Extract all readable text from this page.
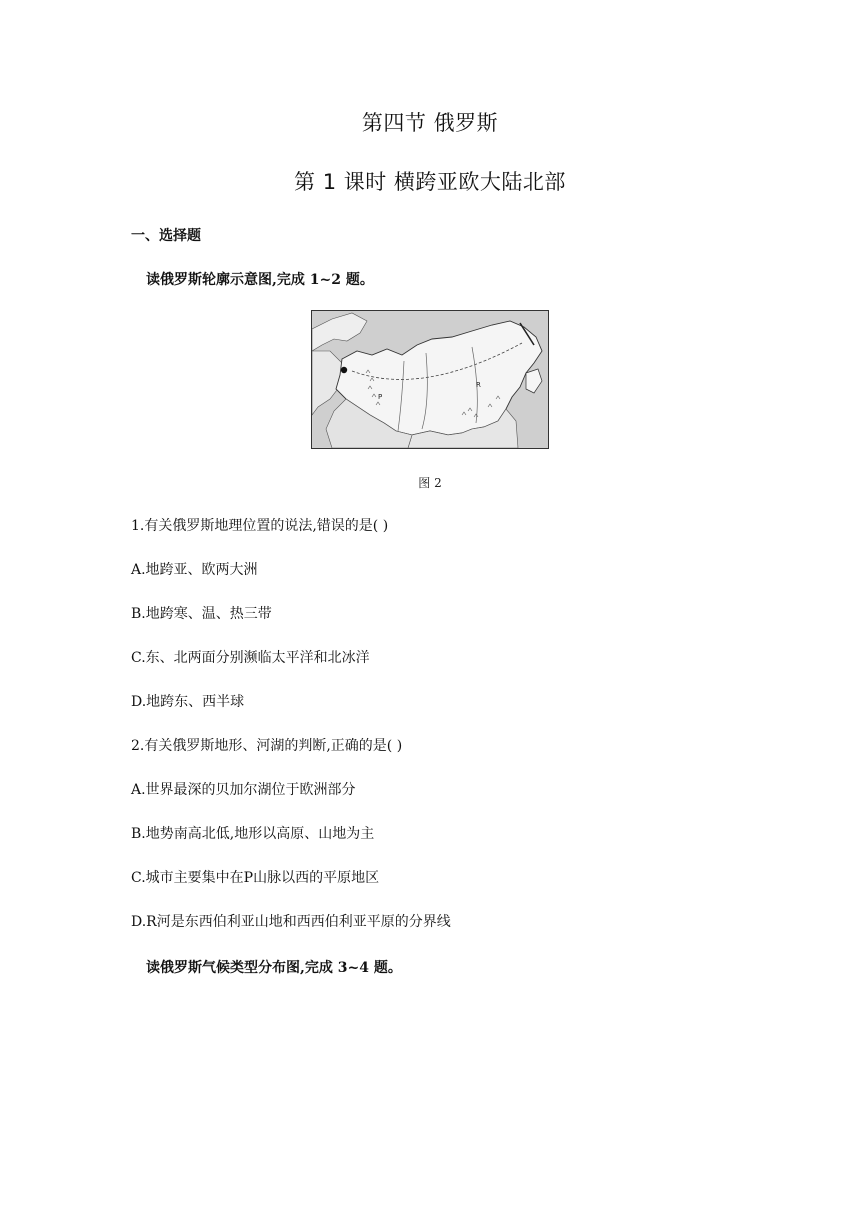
第四节 俄罗斯
第 1 课时 横跨亚欧大陆北部
一、选择题
读俄罗斯轮廓示意图,完成 1~2 题。
P
R
图 2
1.有关俄罗斯地理位置的说法,错误的是( )
A.地跨亚、欧两大洲
B.地跨寒、温、热三带
C.东、北两面分别濒临太平洋和北冰洋
D.地跨东、西半球
2.有关俄罗斯地形、河湖的判断,正确的是( )
A.世界最深的贝加尔湖位于欧洲部分
B.地势南高北低,地形以高原、山地为主
C.城市主要集中在P山脉以西的平原地区
D.R河是东西伯利亚山地和西西伯利亚平原的分界线
读俄罗斯气候类型分布图,完成 3~4 题。
